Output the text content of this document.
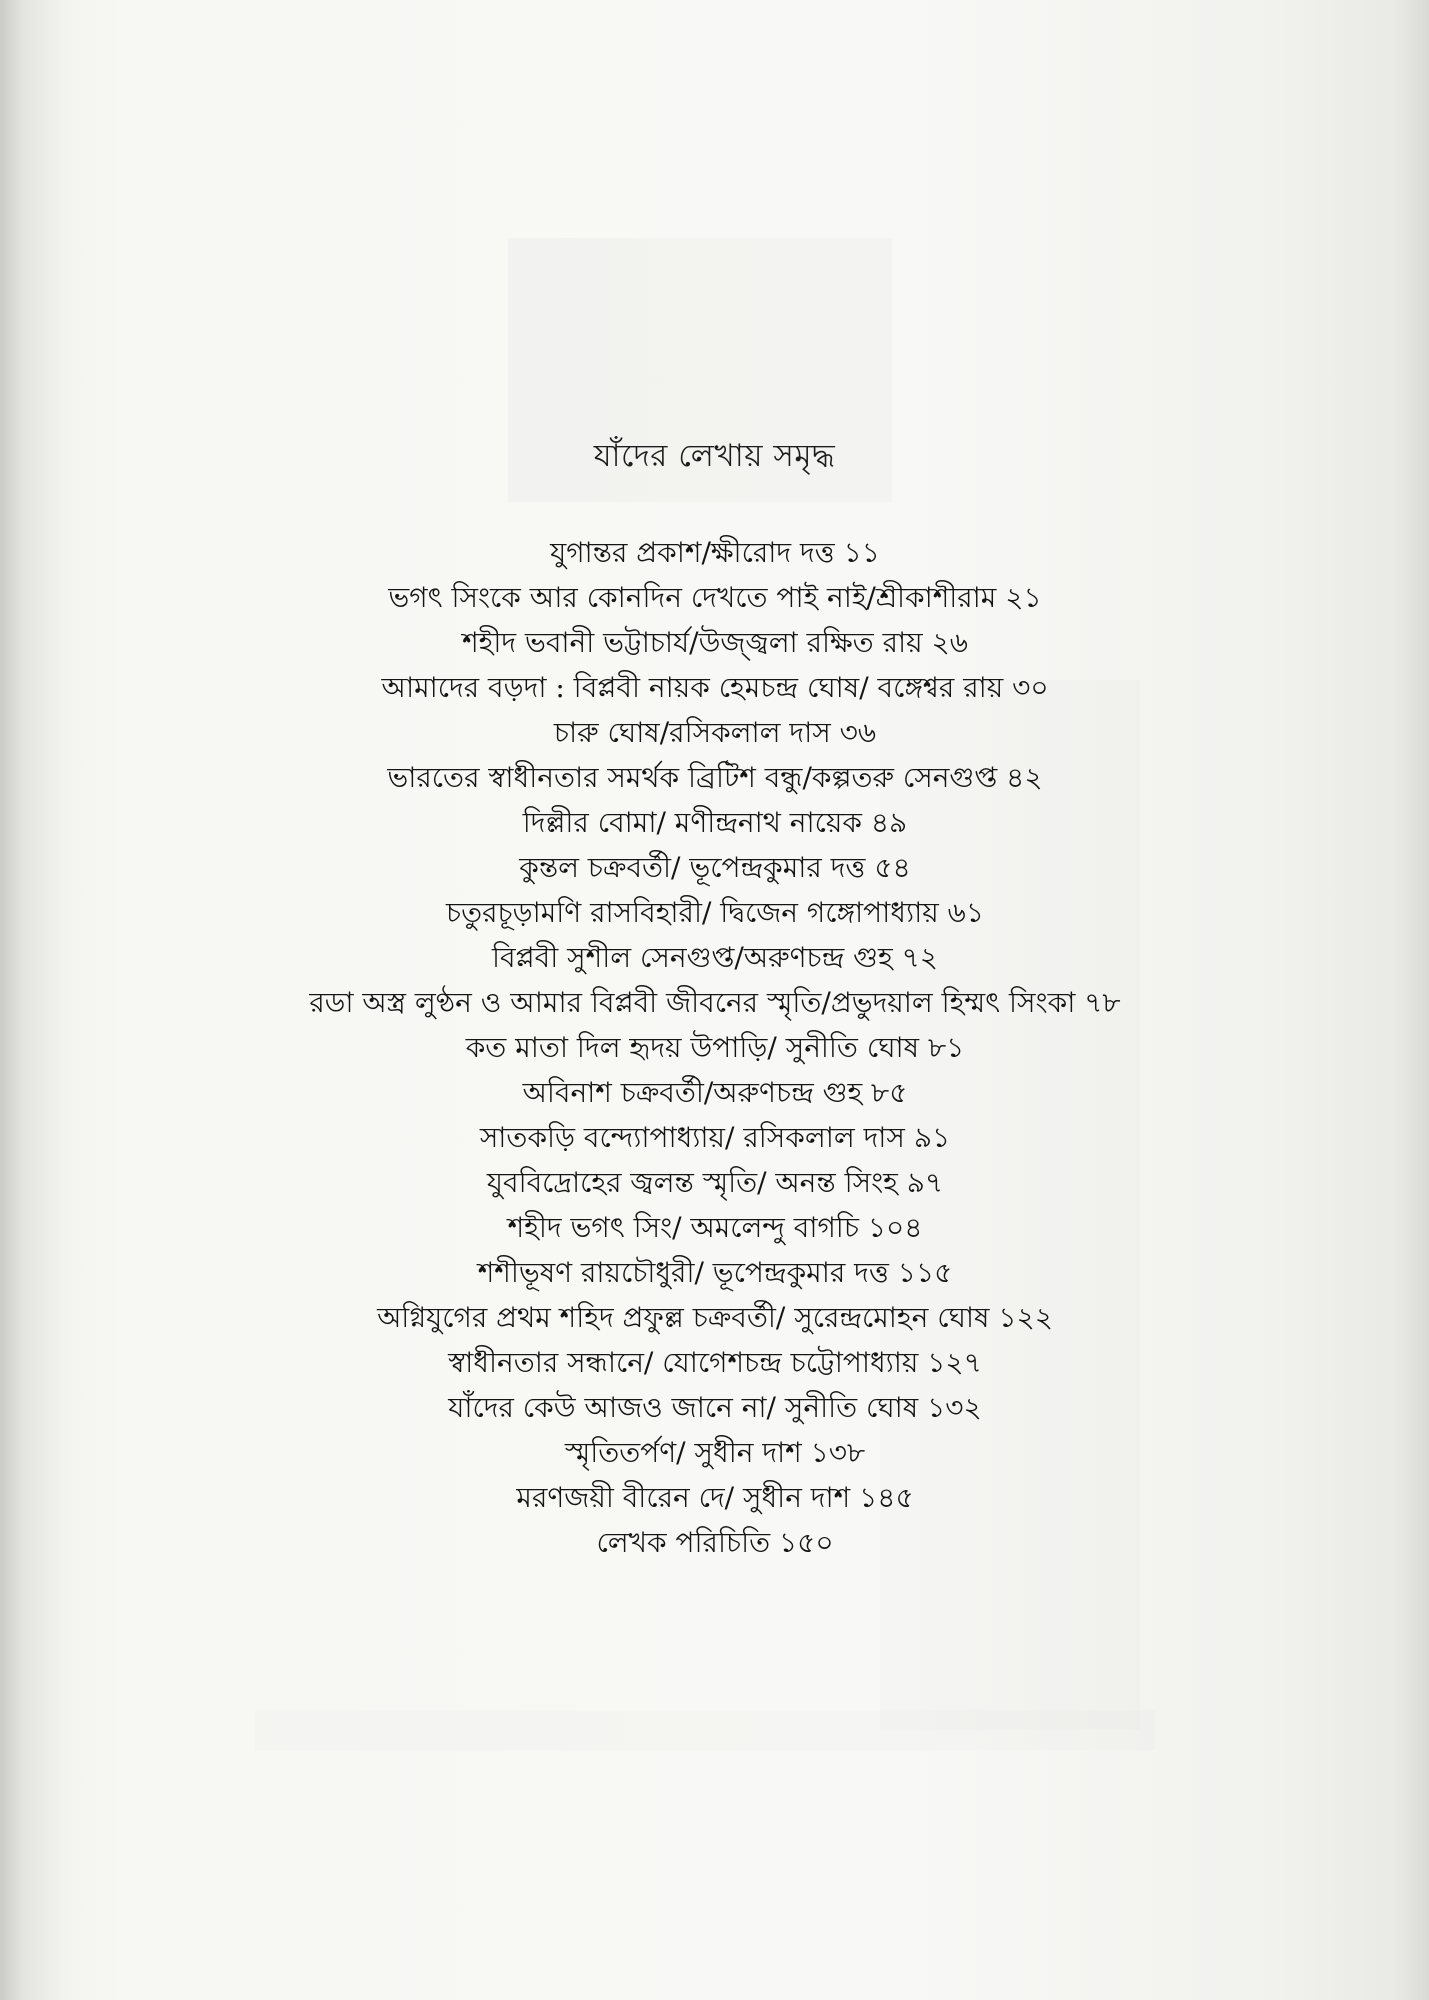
যাঁদের লেখায় সমৃদ্ধ
যুগান্তর প্রকাশ/ক্ষীরোদ দত্ত ১১
ভগৎ সিংকে আর কোনদিন দেখতে পাই নাই/শ্রীকাশীরাম ২১
শহীদ ভবানী ভট্টাচার্য/উজ্জ্বলা রক্ষিত রায় ২৬
আমাদের বড়দা : বিপ্লবী নায়ক হেমচন্দ্র ঘোষ/ বঙ্গেশ্বর রায় ৩০
চারু ঘোষ/রসিকলাল দাস ৩৬
ভারতের স্বাধীনতার সমর্থক ব্রিটিশ বন্ধু/কল্পতরু সেনগুপ্ত ৪২
দিল্লীর বোমা/ মণীন্দ্রনাথ নায়েক ৪৯
কুন্তল চক্রবর্তী/ ভূপেন্দ্রকুমার দত্ত ৫৪
চতুরচূড়ামণি রাসবিহারী/ দ্বিজেন গঙ্গোপাধ্যায় ৬১
বিপ্লবী সুশীল সেনগুপ্ত/অরুণচন্দ্র গুহ ৭২
রডা অস্ত্র লুণ্ঠন ও আমার বিপ্লবী জীবনের স্মৃতি/প্রভুদয়াল হিম্মৎ সিংকা ৭৮
কত মাতা দিল হৃদয় উপাড়ি/ সুনীতি ঘোষ ৮১
অবিনাশ চক্রবর্তী/অরুণচন্দ্র গুহ ৮৫
সাতকড়ি বন্দ্যোপাধ্যায়/ রসিকলাল দাস ৯১
যুববিদ্রোহের জ্বলন্ত স্মৃতি/ অনন্ত সিংহ ৯৭
শহীদ ভগৎ সিং/ অমলেন্দু বাগচি ১০৪
শশীভূষণ রায়চৌধুরী/ ভূপেন্দ্রকুমার দত্ত ১১৫
অগ্নিযুগের প্রথম শহিদ প্রফুল্ল চক্রবর্তী/ সুরেন্দ্রমোহন ঘোষ ১২২
স্বাধীনতার সন্ধানে/ যোগেশচন্দ্র চট্টোপাধ্যায় ১২৭
যাঁদের কেউ আজও জানে না/ সুনীতি ঘোষ ১৩২
স্মৃতিতর্পণ/ সুধীন দাশ ১৩৮
মরণজয়ী বীরেন দে/ সুধীন দাশ ১৪৫
লেখক পরিচিতি ১৫০
